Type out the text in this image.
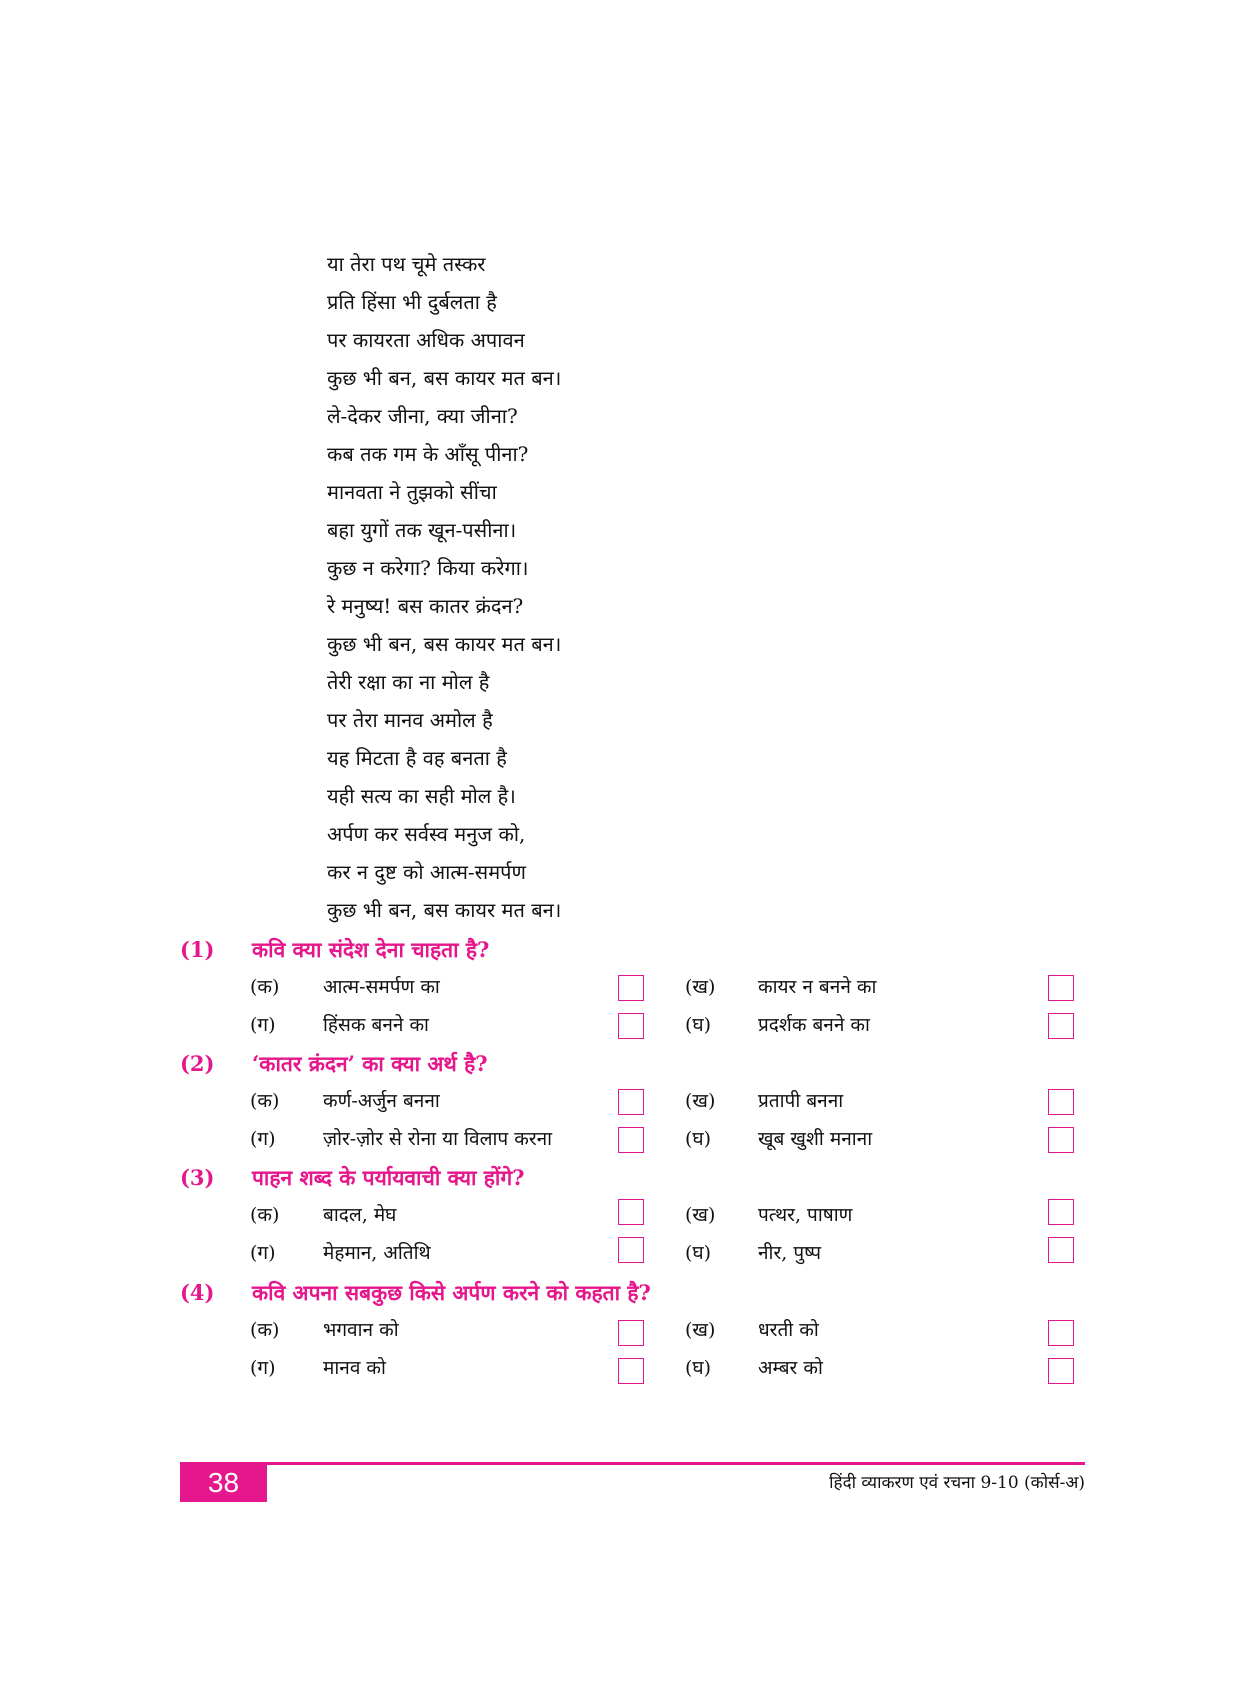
या तेरा पथ चूमे तस्कर
प्रति हिंसा भी दुर्बलता है
पर कायरता अधिक अपावन
कुछ भी बन, बस कायर मत बन।
ले-देकर जीना, क्या जीना?
कब तक गम के आँसू पीना?
मानवता ने तुझको सींचा
बहा युगों तक खून-पसीना।
कुछ न करेगा? किया करेगा।
रे मनुष्य! बस कातर क्रंदन?
कुछ भी बन, बस कायर मत बन।
तेरी रक्षा का ना मोल है
पर तेरा मानव अमोल है
यह मिटता है वह बनता है
यही सत्य का सही मोल है।
अर्पण कर सर्वस्व मनुज को,
कर न दुष्ट को आत्म-समर्पण
कुछ भी बन, बस कायर मत बन।
(1)	कवि क्या संदेश देना चाहता है?
(क) आत्म-समर्पण का	(ख) कायर न बनने का
(ग) हिंसक बनने का	(घ) प्रदर्शक बनने का
(2)	‘कातर क्रंदन’ का क्या अर्थ है?
(क) कर्ण-अर्जुन बनना	(ख) प्रतापी बनना
(ग) ज़ोर-ज़ोर से रोना या विलाप करना	(घ) खूब खुशी मनाना
(3)	पाहन शब्द के पर्यायवाची क्या होंगे?
(क) बादल, मेघ	(ख) पत्थर, पाषाण
(ग) मेहमान, अतिथि	(घ) नीर, पुष्प
(4)	कवि अपना सबकुछ किसे अर्पण करने को कहता है?
(क) भगवान को	(ख) धरती को
(ग) मानव को	(घ) अम्बर को
38	हिंदी व्याकरण एवं रचना 9-10 (कोर्स-अ)
